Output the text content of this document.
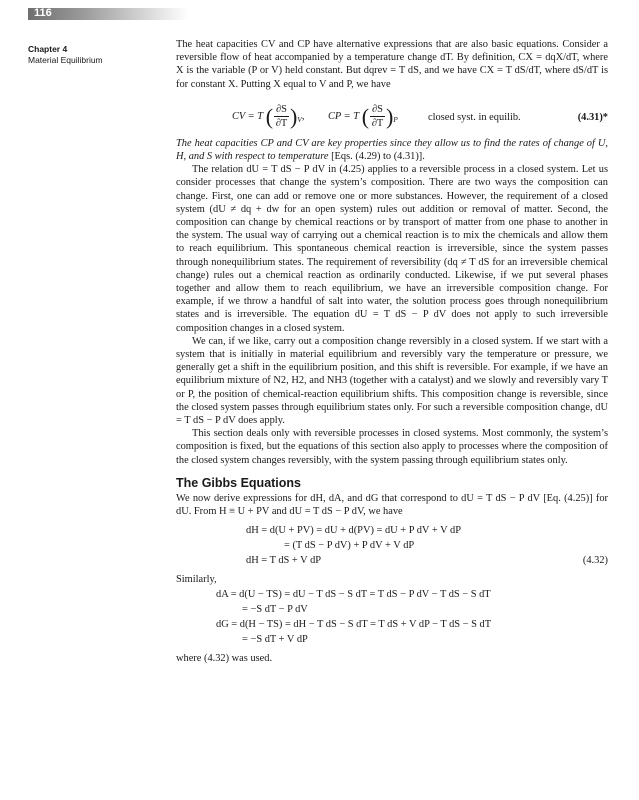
116
Chapter 4
Material Equilibrium

The heat capacities CV and CP have alternative expressions that are also basic equations. Consider a reversible flow of heat accompanied by a temperature change dT. By definition, CX = dqX/dT, where X is the variable (P or V) held constant. But dqrev = T dS, and we have CX = T dS/dT, where dS/dT is for constant X. Putting X equal to V and P, we have

CV = T ( $\frac{\partial S}{\partial T} )_V$, CP = T ( $\frac{\partial S}{\partial T} )_P$	closed syst. in equilib.	(4.31)*

The heat capacities CP and CV are key properties since they allow us to find the rates of change of U, H, and S with respect to temperature [Eqs. (4.29) to (4.31)].

The relation dU = T dS − P dV in (4.25) applies to a reversible process in a closed system. Let us consider processes that change the system’s composition. There are two ways the composition can change. First, one can add or remove one or more substances. However, the requirement of a closed system (dU ≠ dq + dw for an open system) rules out addition or removal of matter. Second, the composition can change by chemical reactions or by transport of matter from one phase to another in the system. The usual way of carrying out a chemical reaction is to mix the chemicals and allow them to reach equilibrium. This spontaneous chemical reaction is irreversible, since the system passes through nonequilibrium states. The requirement of reversibility (dq ≠ T dS for an irreversible chemical change) rules out a chemical reaction as ordinarily conducted. Likewise, if we put several phases together and allow them to reach equilibrium, we have an irreversible composition change. For example, if we throw a handful of salt into water, the solution process goes through nonequilibrium states and is irreversible. The equation dU = T dS − P dV does not apply to such irreversible composition changes in a closed system.

We can, if we like, carry out a composition change reversibly in a closed system. If we start with a system that is initially in material equilibrium and reversibly vary the temperature or pressure, we generally get a shift in the equilibrium position, and this shift is reversible. For example, if we have an equilibrium mixture of N2, H2, and NH3 (together with a catalyst) and we slowly and reversibly vary T or P, the position of chemical-reaction equilibrium shifts. This composition change is reversible, since the closed system passes through equilibrium states only. For such a reversible composition change, dU = T dS − P dV does apply.

This section deals only with reversible processes in closed systems. Most commonly, the system’s composition is fixed, but the equations of this section also apply to processes where the composition of the closed system changes reversibly, with the system passing through equilibrium states only.

The Gibbs Equations

We now derive expressions for dH, dA, and dG that correspond to dU = T dS − P dV [Eq. (4.25)] for dU. From H ≡ U + PV and dU = T dS − P dV, we have

dH = d(U + PV) = dU + d(PV) = dU + P dV + V dP
= (T dS − P dV) + P dV + V dP
dH = T dS + V dP	(4.32)
Similarly,
dA = d(U − TS) = dU − T dS − S dT = T dS − P dV − T dS − S dT
= −S dT − P dV
dG = d(H − TS) = dH − T dS − S dT = T dS + V dP − T dS − S dT
= −S dT + V dP
where (4.32) was used.
